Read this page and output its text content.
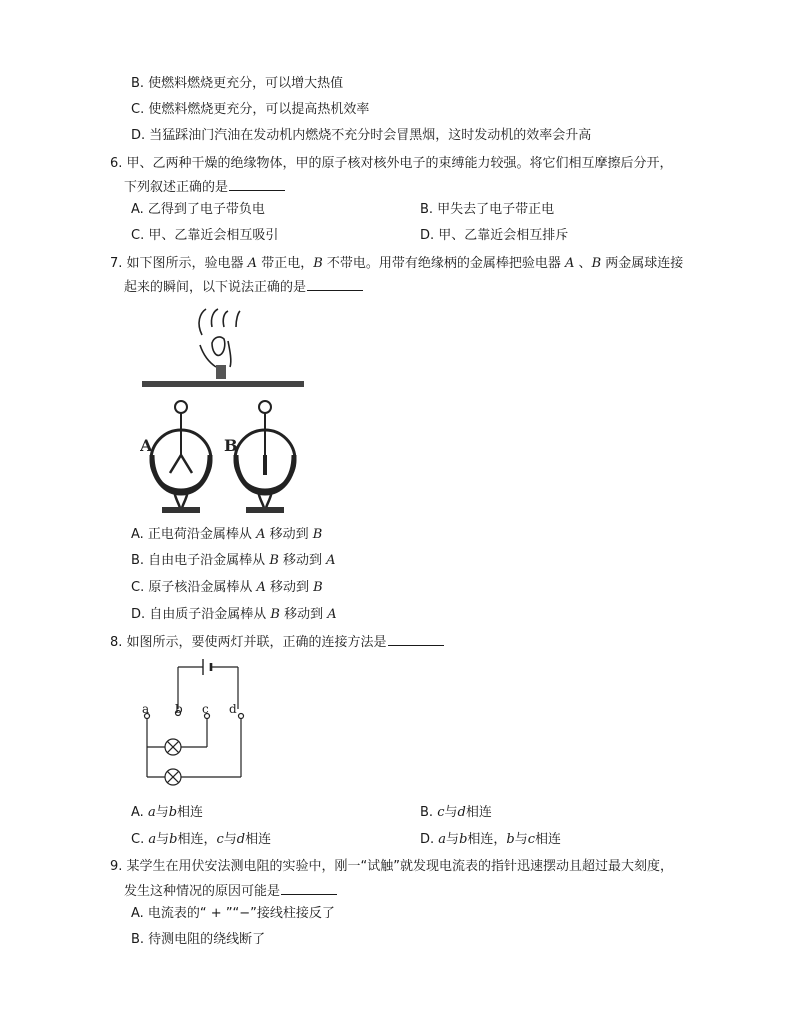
B. 使燃料燃烧更充分，可以增大热值
C. 使燃料燃烧更充分，可以提高热机效率
D. 当猛踩油门汽油在发动机内燃烧不充分时会冒黑烟，这时发动机的效率会升高
6. 甲、乙两种干燥的绝缘物体，甲的原子核对核外电子的束缚能力较强。将它们相互摩擦后分开，
下列叙述正确的是
A. 乙得到了电子带负电	B. 甲失去了电子带正电
C. 甲、乙靠近会相互吸引	D. 甲、乙靠近会相互排斥
7. 如下图所示，验电器 A 带正电，B 不带电。用带有绝缘柄的金属棒把验电器 A 、B 两金属球连接
起来的瞬间，以下说法正确的是
A	B
A. 正电荷沿金属棒从 A 移动到 B
B. 自由电子沿金属棒从 B 移动到 A
C. 原子核沿金属棒从 A 移动到 B
D. 自由质子沿金属棒从 B 移动到 A
8. 如图所示，要使两灯并联，正确的连接方法是
a b c d
A. a与b相连	B. c与d相连
C. a与b相连，c与d相连	D. a与b相连，b与c相连
9. 某学生在用伏安法测电阻的实验中，刚一“试触”就发现电流表的指针迅速摆动且超过最大刻度，
发生这种情况的原因可能是
A. 电流表的“ + ”“−”接线柱接反了
B. 待测电阻的绕线断了
